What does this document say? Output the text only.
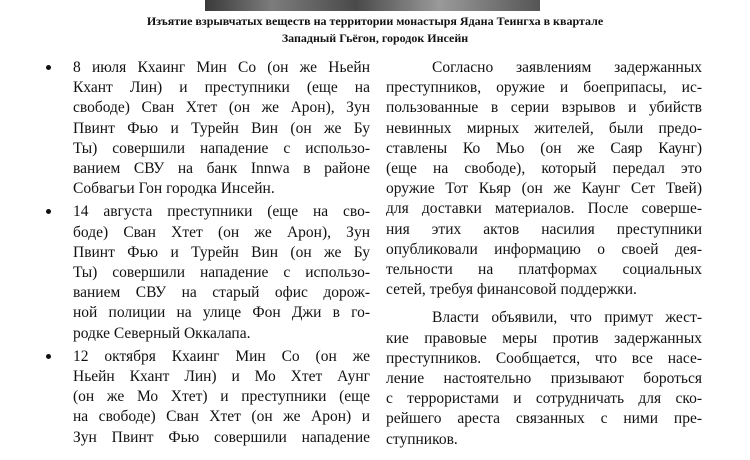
Изъятие взрывчатых веществ на территории монастыря Ядана Теингха в квартале
Западный Гьёгон, городок Инсейн
8 июля Кхаинг Мин Со (он же Ньейн
Кхант Лин) и преступники (еще на
свободе) Сван Хтет (он же Арон), Зун
Пвинт Фью и Турейн Вин (он же Бу
Ты) совершили нападение с использо-
ванием СВУ на банк Innwa в районе
Собвагьи Гон городка Инсейн.
14 августа преступники (еще на сво-
боде) Сван Хтет (он же Арон), Зун
Пвинт Фью и Турейн Вин (он же Бу
Ты) совершили нападение с использо-
ванием СВУ на старый офис дорож-
ной полиции на улице Фон Джи в го-
родке Северный Оккалапа.
12 октября Кхаинг Мин Со (он же
Ньейн Кхант Лин) и Мо Хтет Аунг
(он же Мо Хтет) и преступники (еще
на свободе) Сван Хтет (он же Арон) и
Зун Пвинт Фью совершили нападение
Согласно заявлениям задержанных
преступников, оружие и боеприпасы, ис-
пользованные в серии взрывов и убийств
невинных мирных жителей, были предо-
ставлены Ко Мьо (он же Саяр Каунг)
(еще на свободе), который передал это
оружие Тот Кьяр (он же Каунг Сет Твей)
для доставки материалов. После соверше-
ния этих актов насилия преступники
опубликовали информацию о своей дея-
тельности на платформах социальных
сетей, требуя финансовой поддержки.
Власти объявили, что примут жест-
кие правовые меры против задержанных
преступников. Сообщается, что все насе-
ление настоятельно призывают бороться
с террористами и сотрудничать для ско-
рейшего ареста связанных с ними пре-
ступников.
